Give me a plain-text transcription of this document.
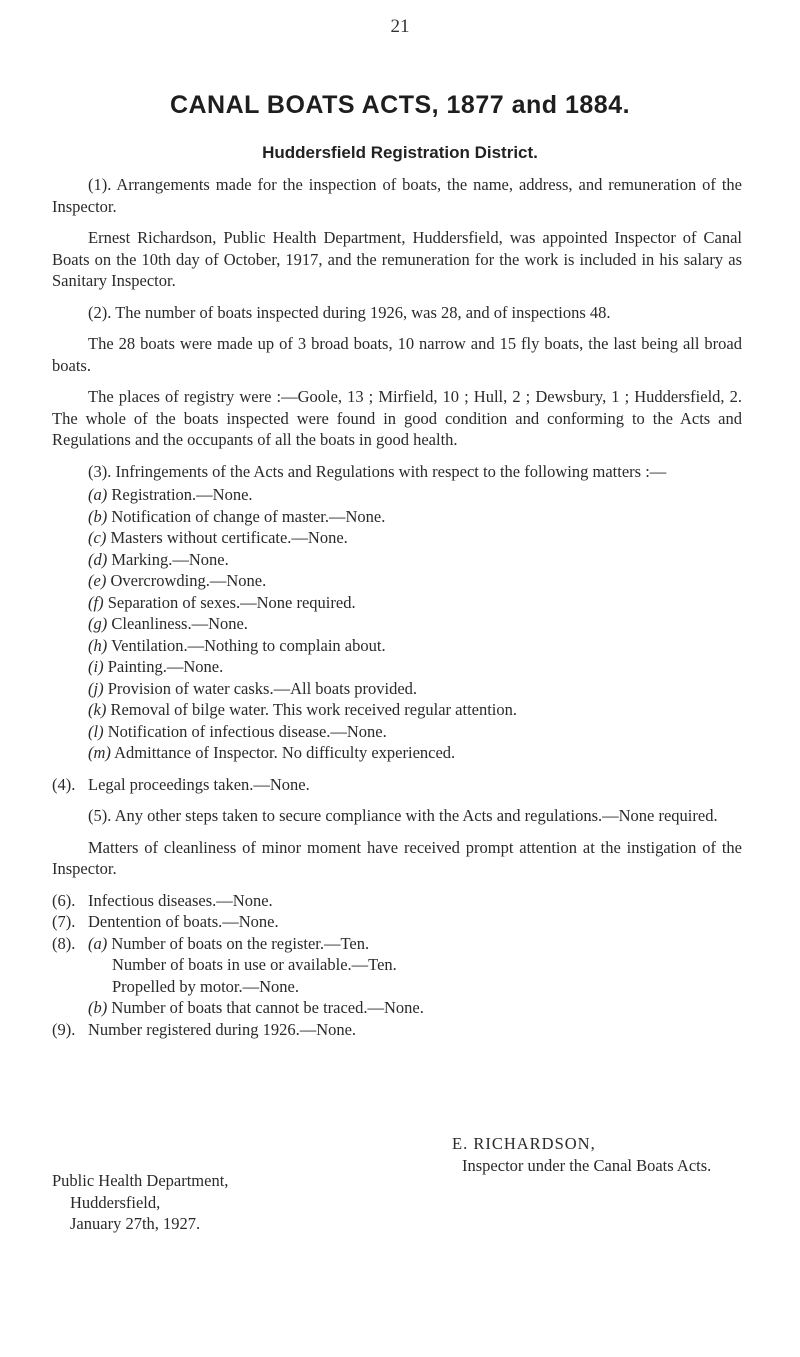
21
CANAL BOATS ACTS, 1877 and 1884.
Huddersfield Registration District.

(1). Arrangements made for the inspection of boats, the name, address, and remuneration of the Inspector.

Ernest Richardson, Public Health Department, Huddersfield, was appointed Inspector of Canal Boats on the 10th day of October, 1917, and the remuneration for the work is included in his salary as Sanitary Inspector.

(2). The number of boats inspected during 1926, was 28, and of inspections 48.

The 28 boats were made up of 3 broad boats, 10 narrow and 15 fly boats, the last being all broad boats.

The places of registry were :—Goole, 13 ; Mirfield, 10 ; Hull, 2 ; Dewsbury, 1 ; Huddersfield, 2. The whole of the boats inspected were found in good condition and conforming to the Acts and Regulations and the occupants of all the boats in good health.

(3). Infringements of the Acts and Regulations with respect to the following matters :—

(a) Registration.—None.

(b) Notification of change of master.—None.

(c) Masters without certificate.—None.

(d) Marking.—None.

(e) Overcrowding.—None.

(f) Separation of sexes.—None required.

(g) Cleanliness.—None.

(h) Ventilation.—Nothing to complain about.

(i) Painting.—None.

(j) Provision of water casks.—All boats provided.

(k) Removal of bilge water. This work received regular attention.

(l) Notification of infectious disease.—None.

(m) Admittance of Inspector. No difficulty experienced.

(4). Legal proceedings taken.—None.

(5). Any other steps taken to secure compliance with the Acts and regulations.—None required.

Matters of cleanliness of minor moment have received prompt attention at the instigation of the Inspector.

(6). Infectious diseases.—None.

(7). Dentention of boats.—None.

(8). (a) Number of boats on the register.—Ten.

Number of boats in use or available.—Ten.

Propelled by motor.—None.

(b) Number of boats that cannot be traced.—None.

(9). Number registered during 1926.—None.

E. RICHARDSON,
Inspector under the Canal Boats Acts.
Public Health Department,
Huddersfield,
January 27th, 1927.
